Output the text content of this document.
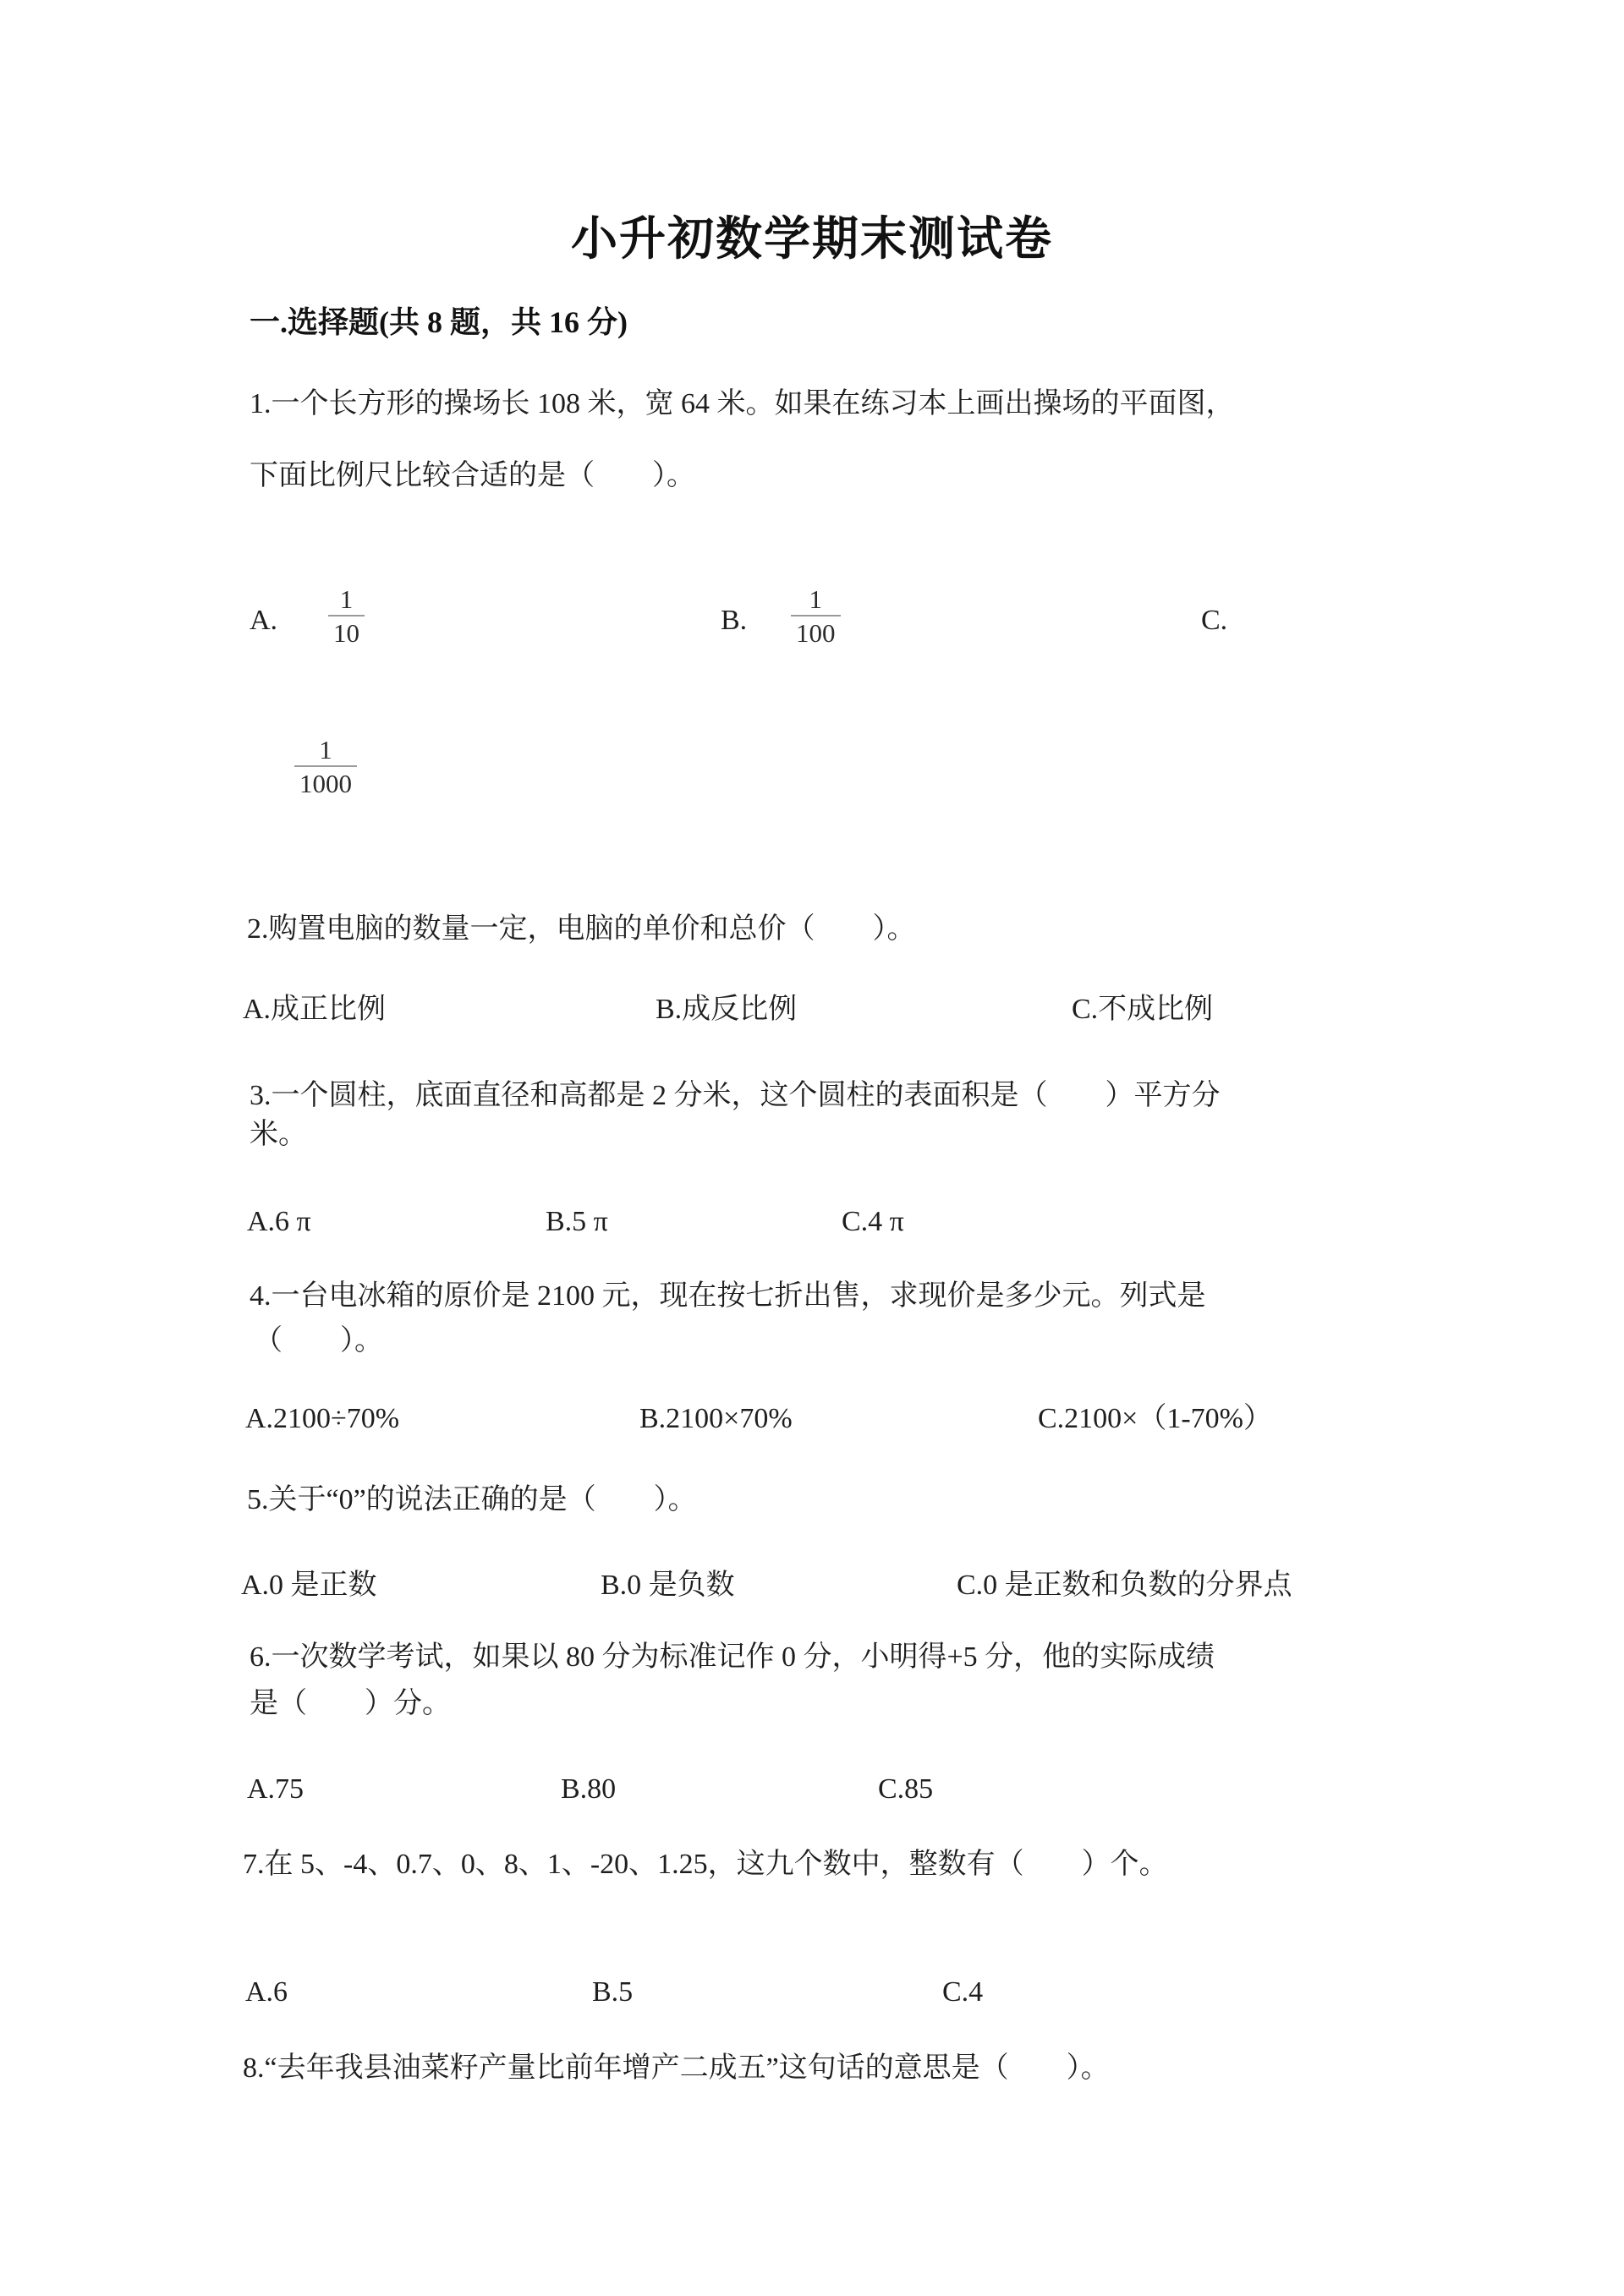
小升初数学期末测试卷
一.选择题(共 8 题，共 16 分)
1.一个长方形的操场长 108 米，宽 64 米。如果在练习本上画出操场的平面图，
下面比例尺比较合适的是（　　）。
A. $\frac{1}{10}$	B. $\frac{1}{100}$	C.
$\frac{1}{1000}$
2.购置电脑的数量一定，电脑的单价和总价（　　）。
A.成正比例	B.成反比例	C.不成比例
3.一个圆柱，底面直径和高都是 2 分米，这个圆柱的表面积是（　　）平方分
米。
A.6 π	B.5 π	C.4 π
4.一台电冰箱的原价是 2100 元，现在按七折出售，求现价是多少元。列式是
（　　）。
A.2100÷70%	B.2100×70%	C.2100×（1-70%）
5.关于“0”的说法正确的是（　　）。
A.0 是正数	B.0 是负数	C.0 是正数和负数的分界点
6.一次数学考试，如果以 80 分为标准记作 0 分，小明得+5 分，他的实际成绩
是（　　）分。
A.75	B.80	C.85
7.在 5、-4、0.7、0、8、1、-20、1.25，这九个数中，整数有（　　）个。
A.6	B.5	C.4
8.“去年我县油菜籽产量比前年增产二成五”这句话的意思是（　　）。
